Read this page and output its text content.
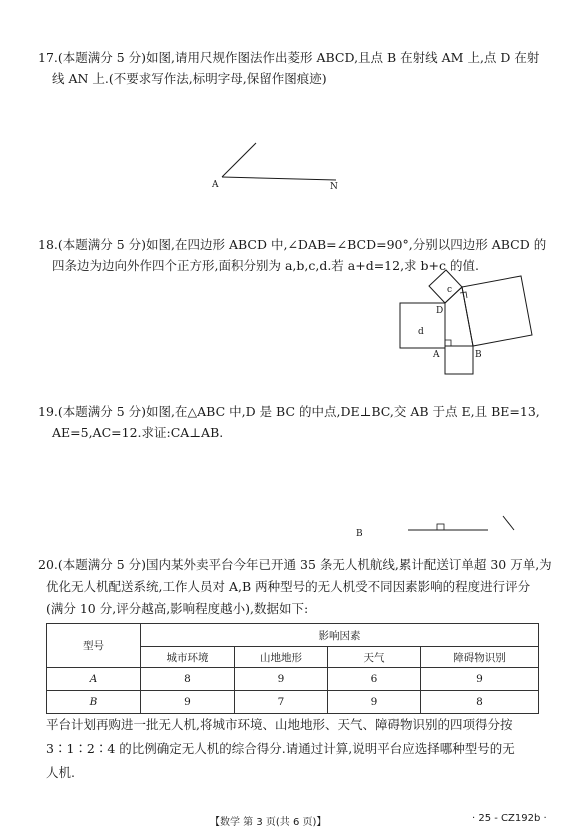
17.(本题满分 5 分)如图,请用尺规作图法作出菱形 ABCD,且点 B 在射线 AM 上,点 D 在射
线 AN 上.(不要求写作法,标明字母,保留作图痕迹)
A	N
18.(本题满分 5 分)如图,在四边形 ABCD 中,∠DAB=∠BCD=90°,分别以四边形 ABCD 的
四条边为边向外作四个正方形,面积分别为 a,b,c,d.若 a+d=12,求 b+c 的值.
c
D
d
A	B
19.(本题满分 5 分)如图,在△ABC 中,D 是 BC 的中点,DE⊥BC,交 AB 于点 E,且 BE=13,
AE=5,AC=12.求证:CA⊥AB.
B
20.(本题满分 5 分)国内某外卖平台今年已开通 35 条无人机航线,累计配送订单超 30 万单,为
优化无人机配送系统,工作人员对 A,B 两种型号的无人机受不同因素影响的程度进行评分
(满分 10 分,评分越高,影响程度越小),数据如下:
型号	影响因素			
	城市环境	山地地形	天气	障碍物识别
A	8	9	6	9
B	9	7	9	8
平台计划再购进一批无人机,将城市环境、山地地形、天气、障碍物识别的四项得分按
3∶1∶2∶4 的比例确定无人机的综合得分.请通过计算,说明平台应选择哪种型号的无
人机.
【数学 第 3 页(共 6 页)】	· 25 - CZ192b ·
